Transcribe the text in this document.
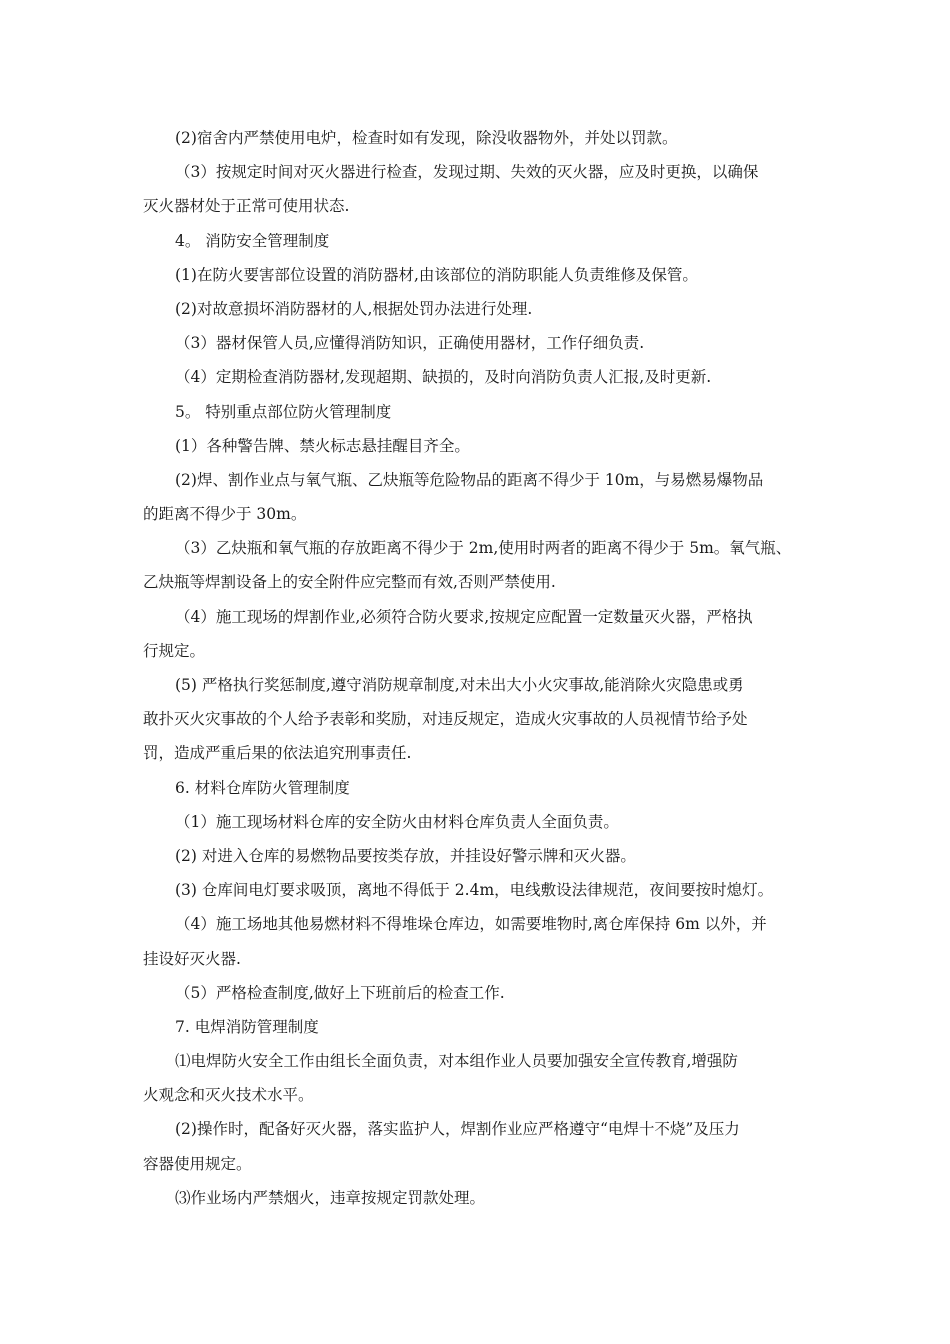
(2)宿舍内严禁使用电炉，检查时如有发现，除没收器物外，并处以罚款。
（3）按规定时间对灭火器进行检查，发现过期、失效的灭火器，应及时更换，以确保
灭火器材处于正常可使用状态.
4。 消防安全管理制度
(1)在防火要害部位设置的消防器材,由该部位的消防职能人负责维修及保管。
(2)对故意损坏消防器材的人,根据处罚办法进行处理.
（3）器材保管人员,应懂得消防知识，正确使用器材，工作仔细负责.
（4）定期检查消防器材,发现超期、缺损的，及时向消防负责人汇报,及时更新.
5。 特别重点部位防火管理制度
(1）各种警告牌、禁火标志悬挂醒目齐全。
(2)焊、割作业点与氧气瓶、乙炔瓶等危险物品的距离不得少于 10m，与易燃易爆物品
的距离不得少于 30m。
（3）乙炔瓶和氧气瓶的存放距离不得少于 2m,使用时两者的距离不得少于 5m。氧气瓶、
乙炔瓶等焊割设备上的安全附件应完整而有效,否则严禁使用.
（4）施工现场的焊割作业,必须符合防火要求,按规定应配置一定数量灭火器，严格执
行规定。
(5) 严格执行奖惩制度,遵守消防规章制度,对未出大小火灾事故,能消除火灾隐患或勇
敢扑灭火灾事故的个人给予表彰和奖励，对违反规定，造成火灾事故的人员视情节给予处
罚，造成严重后果的依法追究刑事责任.
6. 材料仓库防火管理制度
（1）施工现场材料仓库的安全防火由材料仓库负责人全面负责。
(2) 对进入仓库的易燃物品要按类存放，并挂设好警示牌和灭火器。
(3) 仓库间电灯要求吸顶，离地不得低于 2.4m，电线敷设法律规范，夜间要按时熄灯。
（4）施工场地其他易燃材料不得堆垛仓库边，如需要堆物时,离仓库保持 6m 以外，并
挂设好灭火器.
（5）严格检查制度,做好上下班前后的检查工作.
7. 电焊消防管理制度
⑴电焊防火安全工作由组长全面负责，对本组作业人员要加强安全宣传教育,增强防
火观念和灭火技术水平。
(2)操作时，配备好灭火器，落实监护人，焊割作业应严格遵守“电焊十不烧”及压力
容器使用规定。
⑶作业场内严禁烟火，违章按规定罚款处理。
